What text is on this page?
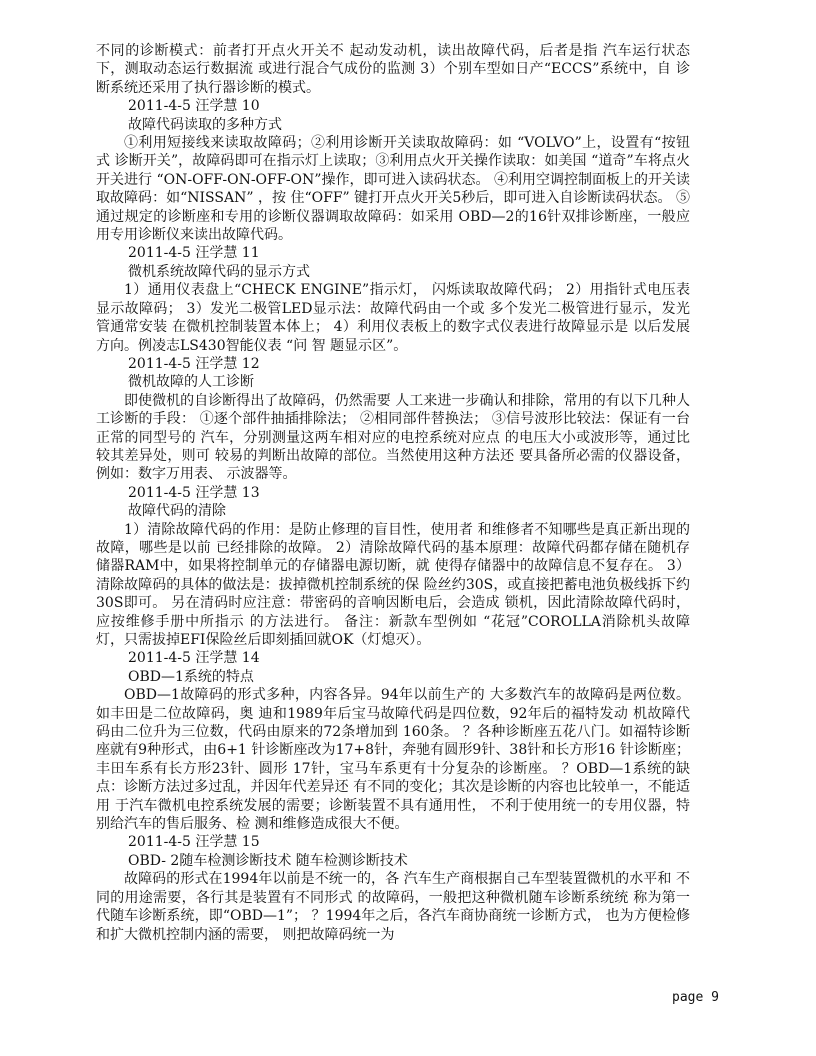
不同的诊断模式：前者打开点火开关不 起动发动机，读出故障代码，后者是指 汽车运行状态下，测取动态运行数据流 或进行混合气成份的监测 3）个别车型如日产“ECCS”系统中，自 诊断系统还采用了执行器诊断的模式。

2011-4-5 汪学慧 10

故障代码读取的多种方式

①利用短接线来读取故障码；②利用诊断开关读取故障码：如 “VOLVO”上，设置有“按钮式 诊断开关”，故障码即可在指示灯上读取；③利用点火开关操作读取：如美国 “道奇”车将点火开关进行 “ON-OFF-ON-OFF-ON”操作，即可进入读码状态。 ④利用空调控制面板上的开关读取故障码：如“NISSAN” ，按 住“OFF” 键打开点火开关5秒后，即可进入自诊断读码状态。 ⑤通过规定的诊断座和专用的诊断仪器调取故障码：如采用 OBD—2的16针双排诊断座，一般应用专用诊断仪来读出故障代码。

2011-4-5 汪学慧 11

微机系统故障代码的显示方式

1）通用仪表盘上“CHECK ENGINE”指示灯， 闪烁读取故障代码； 2）用指针式电压表显示故障码； 3）发光二极管LED显示法：故障代码由一个或 多个发光二极管进行显示，发光管通常安装 在微机控制装置本体上； 4）利用仪表板上的数字式仪表进行故障显示是 以后发展方向。例凌志LS430智能仪表 “问 智 题显示区”。

2011-4-5 汪学慧 12

微机故障的人工诊断

即使微机的自诊断得出了故障码，仍然需要 人工来进一步确认和排除，常用的有以下几种人 工诊断的手段： ①逐个部件抽插排除法； ②相同部件替换法； ③信号波形比较法：保证有一台正常的同型号的 汽车，分别测量这两车相对应的电控系统对应点 的电压大小或波形等，通过比较其差异处，则可 较易的判断出故障的部位。当然使用这种方法还 要具备所必需的仪器设备，例如：数字万用表、 示波器等。

2011-4-5 汪学慧 13

故障代码的清除

1）清除故障代码的作用：是防止修理的盲目性，使用者 和维修者不知哪些是真正新出现的故障，哪些是以前 已经排除的故障。 2）清除故障代码的基本原理：故障代码都存储在随机存 储器RAM中，如果将控制单元的存储器电源切断，就 使得存储器中的故障信息不复存在。 3）清除故障码的具体的做法是：拔掉微机控制系统的保 险丝约30S，或直接把蓄电池负极线拆下约30S即可。 另在清码时应注意：带密码的音响因断电后，会造成 锁机，因此清除故障代码时，应按维修手册中所指示 的方法进行。 备注：新款车型例如 “花冠”COROLLA消除机头故障 灯，只需拔掉EFI保险丝后即刻插回就OK（灯熄灭）。

2011-4-5 汪学慧 14

OBD—1系统的特点

OBD—1故障码的形式多种，内容各异。94年以前生产的 大多数汽车的故障码是两位数。如丰田是二位故障码，奥 迪和1989年后宝马故障代码是四位数，92年后的福特发动 机故障代码由二位升为三位数，代码由原来的72条增加到 160条。 ？各种诊断座五花八门。如福特诊断座就有9种形式，由6+1 针诊断座改为17+8针，奔驰有圆形9针、38针和长方形16 针诊断座；丰田车系有长方形23针、圆形 17针，宝马车系更有十分复杂的诊断座。 ？OBD—1系统的缺点：诊断方法过多过乱，并因年代差异还 有不同的变化；其次是诊断的内容也比较单一，不能适用 于汽车微机电控系统发展的需要；诊断装置不具有通用性， 不利于使用统一的专用仪器，特别给汽车的售后服务、检 测和维修造成很大不便。

2011-4-5 汪学慧 15

OBD- 2随车检测诊断技术 随车检测诊断技术

故障码的形式在1994年以前是不统一的，各 汽车生产商根据自己车型装置微机的水平和 不同的用途需要，各行其是装置有不同形式 的故障码，一般把这种微机随车诊断系统统 称为第一代随车诊断系统，即“OBD—1”； ？1994年之后，各汽车商协商统一诊断方式， 也为方便检修和扩大微机控制内涵的需要， 则把故障码统一为

page 9
